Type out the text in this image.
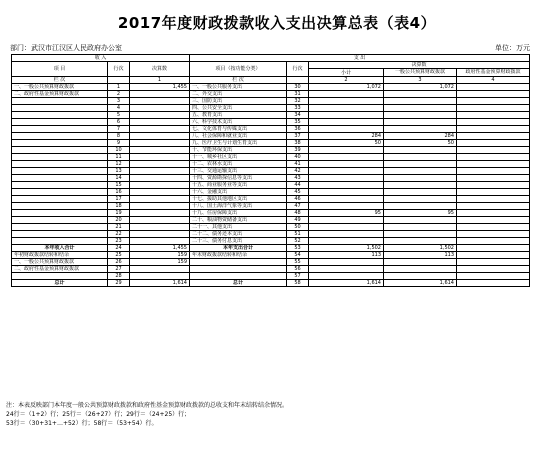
2017年度财政拨款收入支出决算总表（表4）
部门：武汉市江汉区人民政府办公室	单位：万元
收 入			支 出				
项 目	行次	决算数	项目（按功能分类）	行次	决算数		
					小计	一般公共预算财政拨款	政府性基金预算财政拨款

栏 次		1	栏 次		2	3	4
一、一般公共预算财政拨款	1	1,455	一、一般公共服务支出	30	1,072	1,072	
二、政府性基金预算财政拨款	2		二、外交支出	31			
	3		三、国防支出	32			
	4		四、公共安全支出	33			
	5		五、教育支出	34			
	6		六、科学技术支出	35			
	7		七、文化体育与传媒支出	36			
	8		八、社会保障和就业支出	37	284	284	
	9		九、医疗卫生与计划生育支出	38	50	50	
	10		十、节能环保支出	39			
	11		十一、城乡社区支出	40			
	12		十二、农林水支出	41			
	13		十三、交通运输支出	42			
	14		十四、资源勘探信息等支出	43			
	15		十五、商业服务业等支出	44			
	16		十六、金融支出	45			
	17		十七、援助其他地区支出	46			
	18		十八、国土海洋气象等支出	47			
	19		十九、住房保障支出	48	95	95	
	20		二十、粮油物资储备支出	49			
	21		二十一、其他支出	50			
	22		二十二、债务还本支出	51			
	23		二十三、债务付息支出	52			
本年收入合计	24	1,455	本年支出合计	53	1,502	1,502	
年初财政拨款结转和结余	25	159	年末财政拨款结转和结余	54	113	113	
一、一般公共预算财政拨款	26	159		55			
二、政府性基金预算财政拨款	27			56			
	28			57			
总计	29	1,614	总计	58	1,614	1,614	
注：本表反映部门本年度一般公共预算财政拨款和政府性基金预算财政拨款的总收支和年末结转结余情况。
24行＝（1+2）行；25行＝（26+27）行；29行＝（24+25）行；
53行＝（30+31+…+52）行；58行＝（53+54）行。
